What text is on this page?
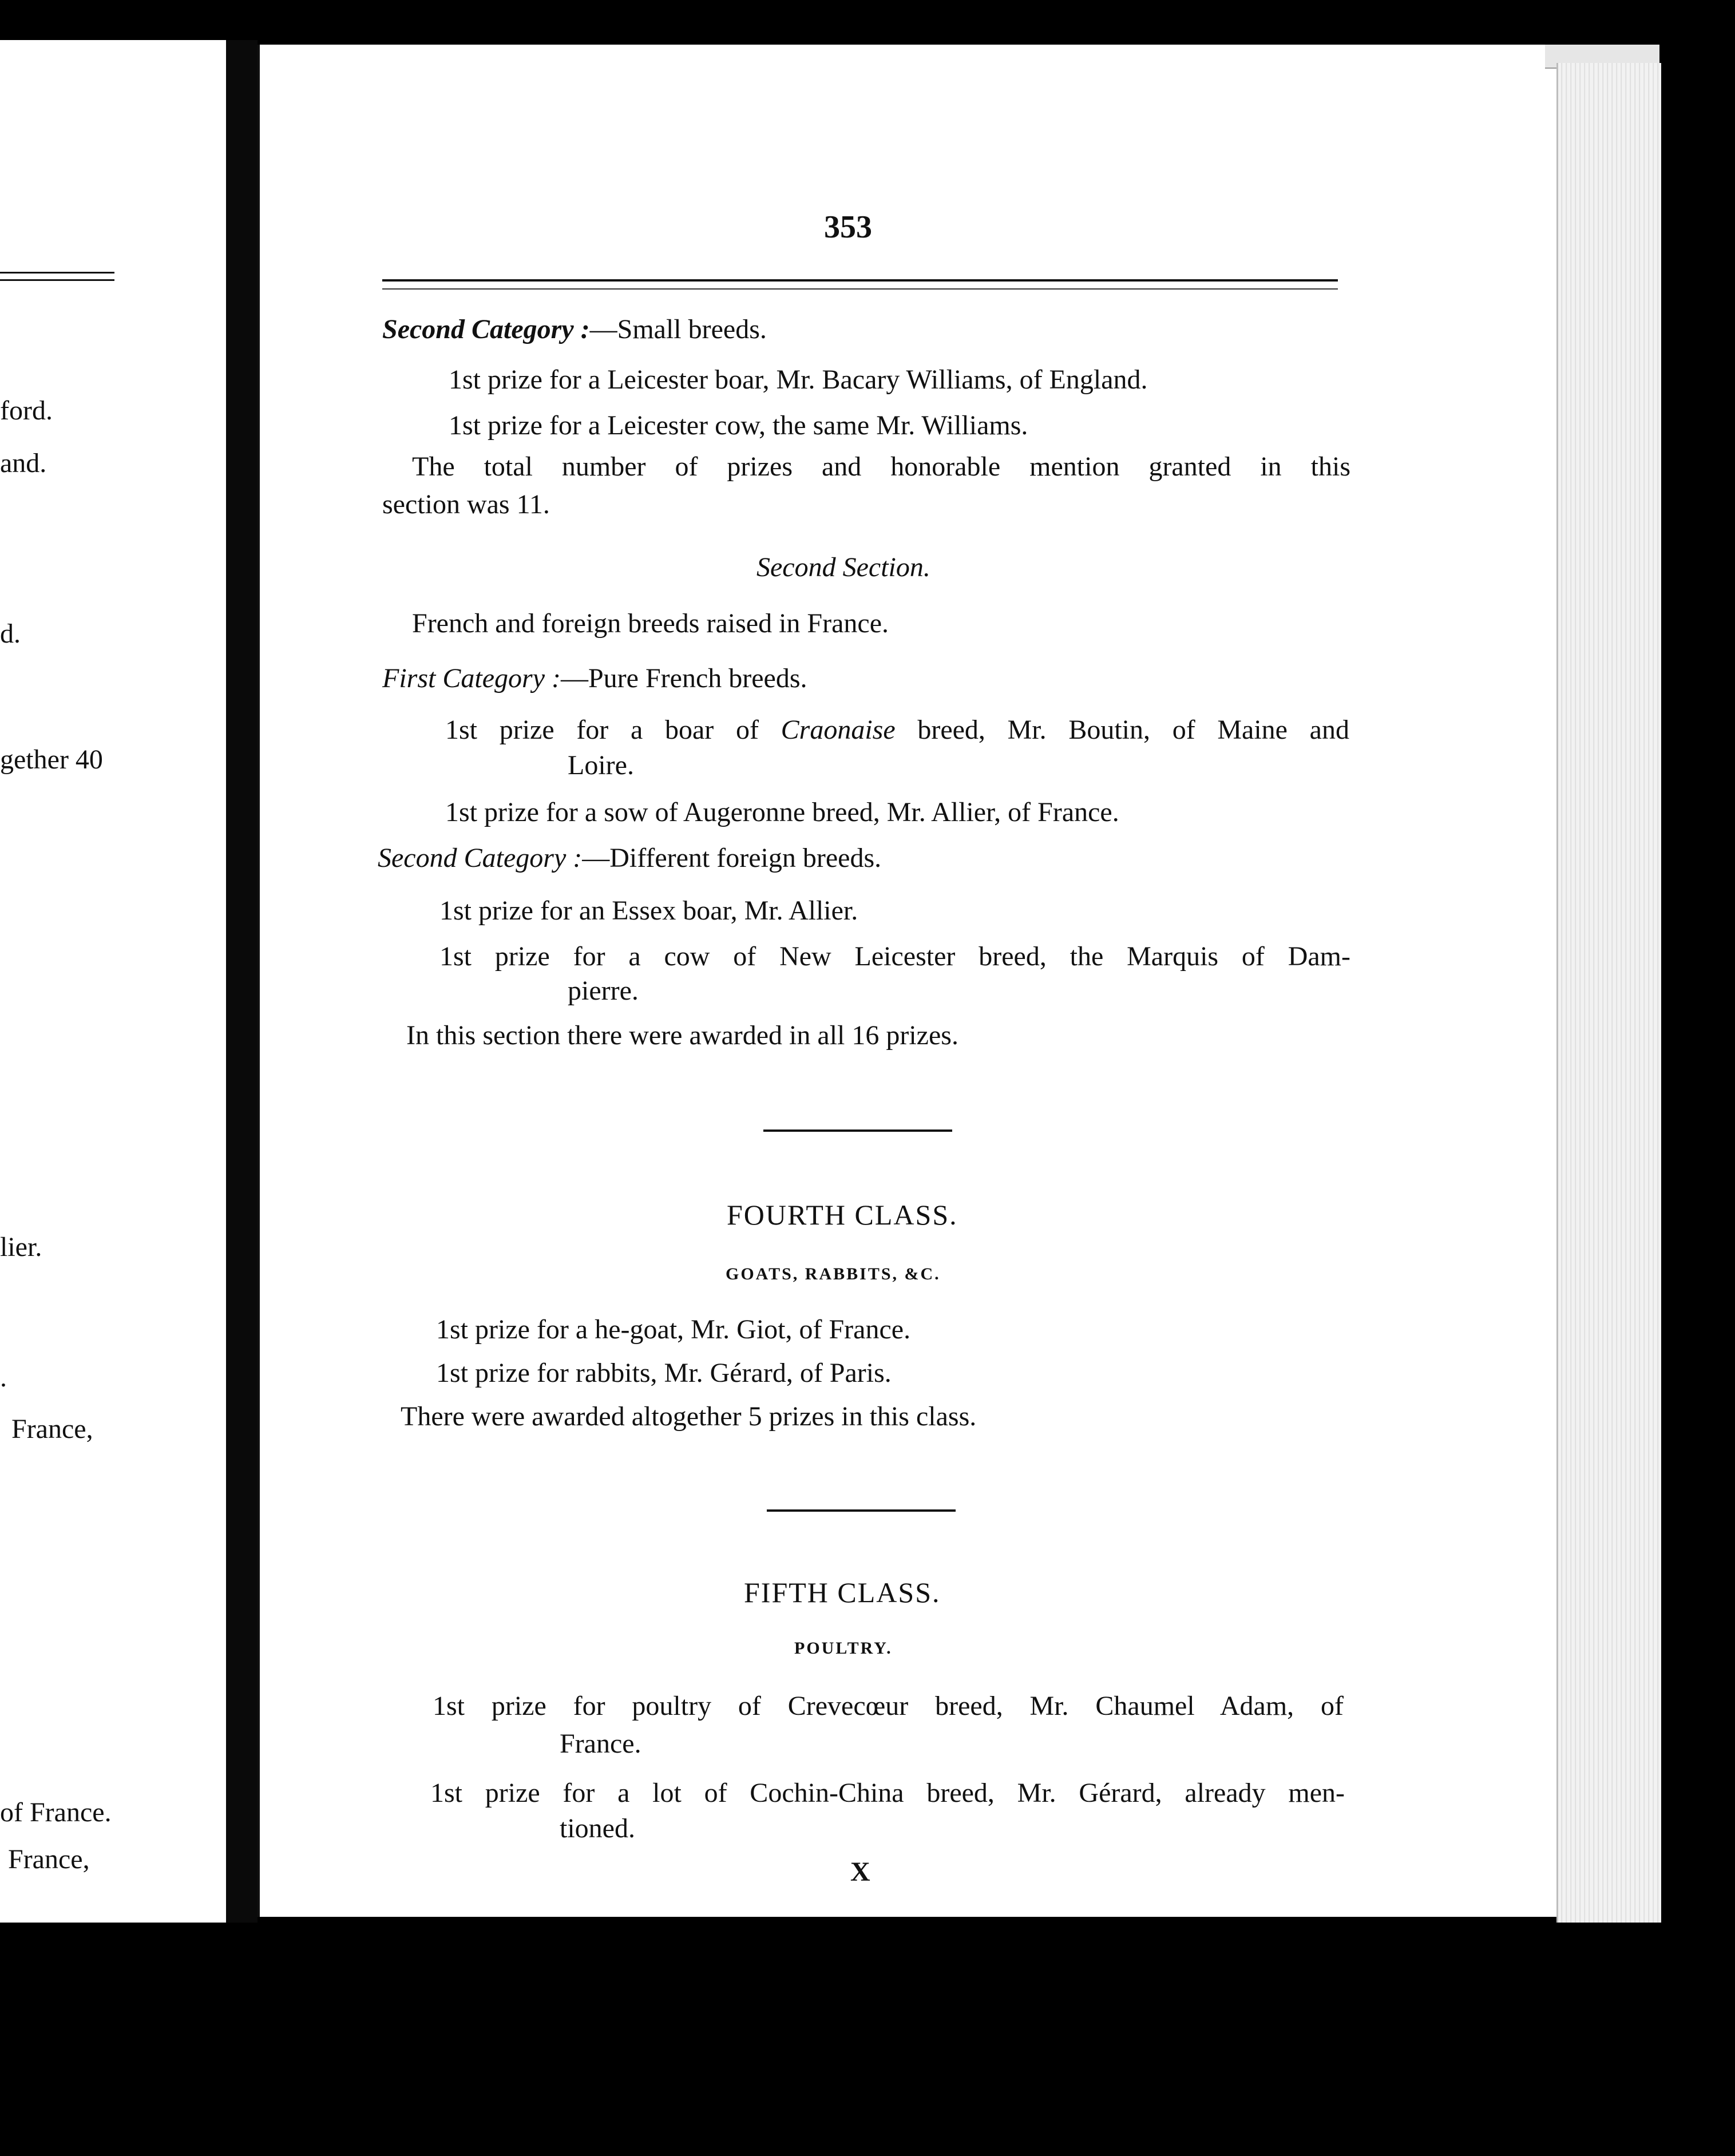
ford.
and.
d.
gether 40
lier.
.
France,
of France.
France,
353
Second Category :—Small breeds.
1st prize for a Leicester boar, Mr. Bacary Williams, of England.
1st prize for a Leicester cow, the same Mr. Williams.
The total number of prizes and honorable mention granted in this
section was 11.
Second Section.
French and foreign breeds raised in France.
First Category :—Pure French breeds.
1st prize for a boar of Craonaise breed, Mr. Boutin, of Maine and
Loire.
1st prize for a sow of Augeronne breed, Mr. Allier, of France.
Second Category :—Different foreign breeds.
1st prize for an Essex boar, Mr. Allier.
1st prize for a cow of New Leicester breed, the Marquis of Dam-
pierre.
In this section there were awarded in all 16 prizes.
FOURTH CLASS.
GOATS, RABBITS, &C.
1st prize for a he-goat, Mr. Giot, of France.
1st prize for rabbits, Mr. Gérard, of Paris.
There were awarded altogether 5 prizes in this class.
FIFTH CLASS.
POULTRY.
1st prize for poultry of Crevecœur breed, Mr. Chaumel Adam, of
France.
1st prize for a lot of Cochin-China breed, Mr. Gérard, already men-
tioned.
X
